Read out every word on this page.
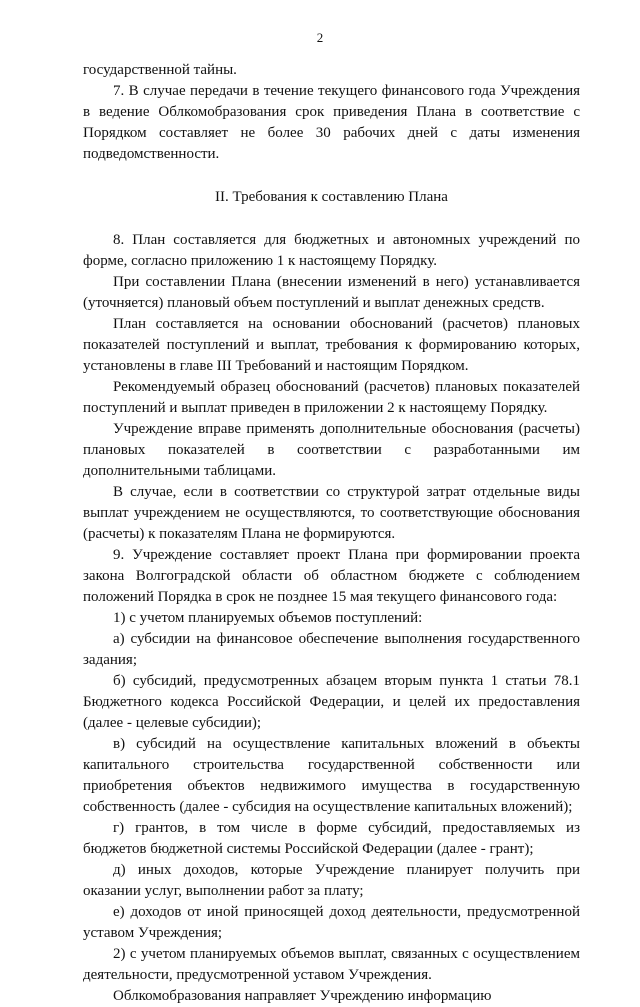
2

государственной тайны.

7. В случае передачи в течение текущего финансового года Учреждения в ведение Облкомобразования срок приведения Плана в соответствие с Порядком составляет не более 30 рабочих дней с даты изменения подведомственности.

II. Требования к составлению Плана

8. План составляется для бюджетных и автономных учреждений по форме, согласно приложению 1 к настоящему Порядку.

При составлении Плана (внесении изменений в него) устанавливается (уточняется) плановый объем поступлений и выплат денежных средств.

План составляется на основании обоснований (расчетов) плановых показателей поступлений и выплат, требования к формированию которых, установлены в главе III Требований и настоящим Порядком.

Рекомендуемый образец обоснований (расчетов) плановых показателей поступлений и выплат приведен в приложении 2 к настоящему Порядку.

Учреждение вправе применять дополнительные обоснования (расчеты) плановых показателей в соответствии с разработанными им дополнительными таблицами.

В случае, если в соответствии со структурой затрат отдельные виды выплат учреждением не осуществляются, то соответствующие обоснования (расчеты) к показателям Плана не формируются.

9. Учреждение составляет проект Плана при формировании проекта закона Волгоградской области об областном бюджете с соблюдением положений Порядка в срок не позднее 15 мая текущего финансового года:

1) с учетом планируемых объемов поступлений:

а) субсидии на финансовое обеспечение выполнения государственного задания;

б) субсидий, предусмотренных абзацем вторым пункта 1 статьи 78.1 Бюджетного кодекса Российской Федерации, и целей их предоставления (далее - целевые субсидии);

в) субсидий на осуществление капитальных вложений в объекты капитального строительства государственной собственности или приобретения объектов недвижимого имущества в государственную собственность (далее - субсидия на осуществление капитальных вложений);

г) грантов, в том числе в форме субсидий, предоставляемых из бюджетов бюджетной системы Российской Федерации (далее - грант);

д) иных доходов, которые Учреждение планирует получить при оказании услуг, выполнении работ за плату;

е) доходов от иной приносящей доход деятельности, предусмотренной уставом Учреждения;

2) с учетом планируемых объемов выплат, связанных с осуществлением деятельности, предусмотренной уставом Учреждения.

Облкомобразования направляет Учреждению информацию
